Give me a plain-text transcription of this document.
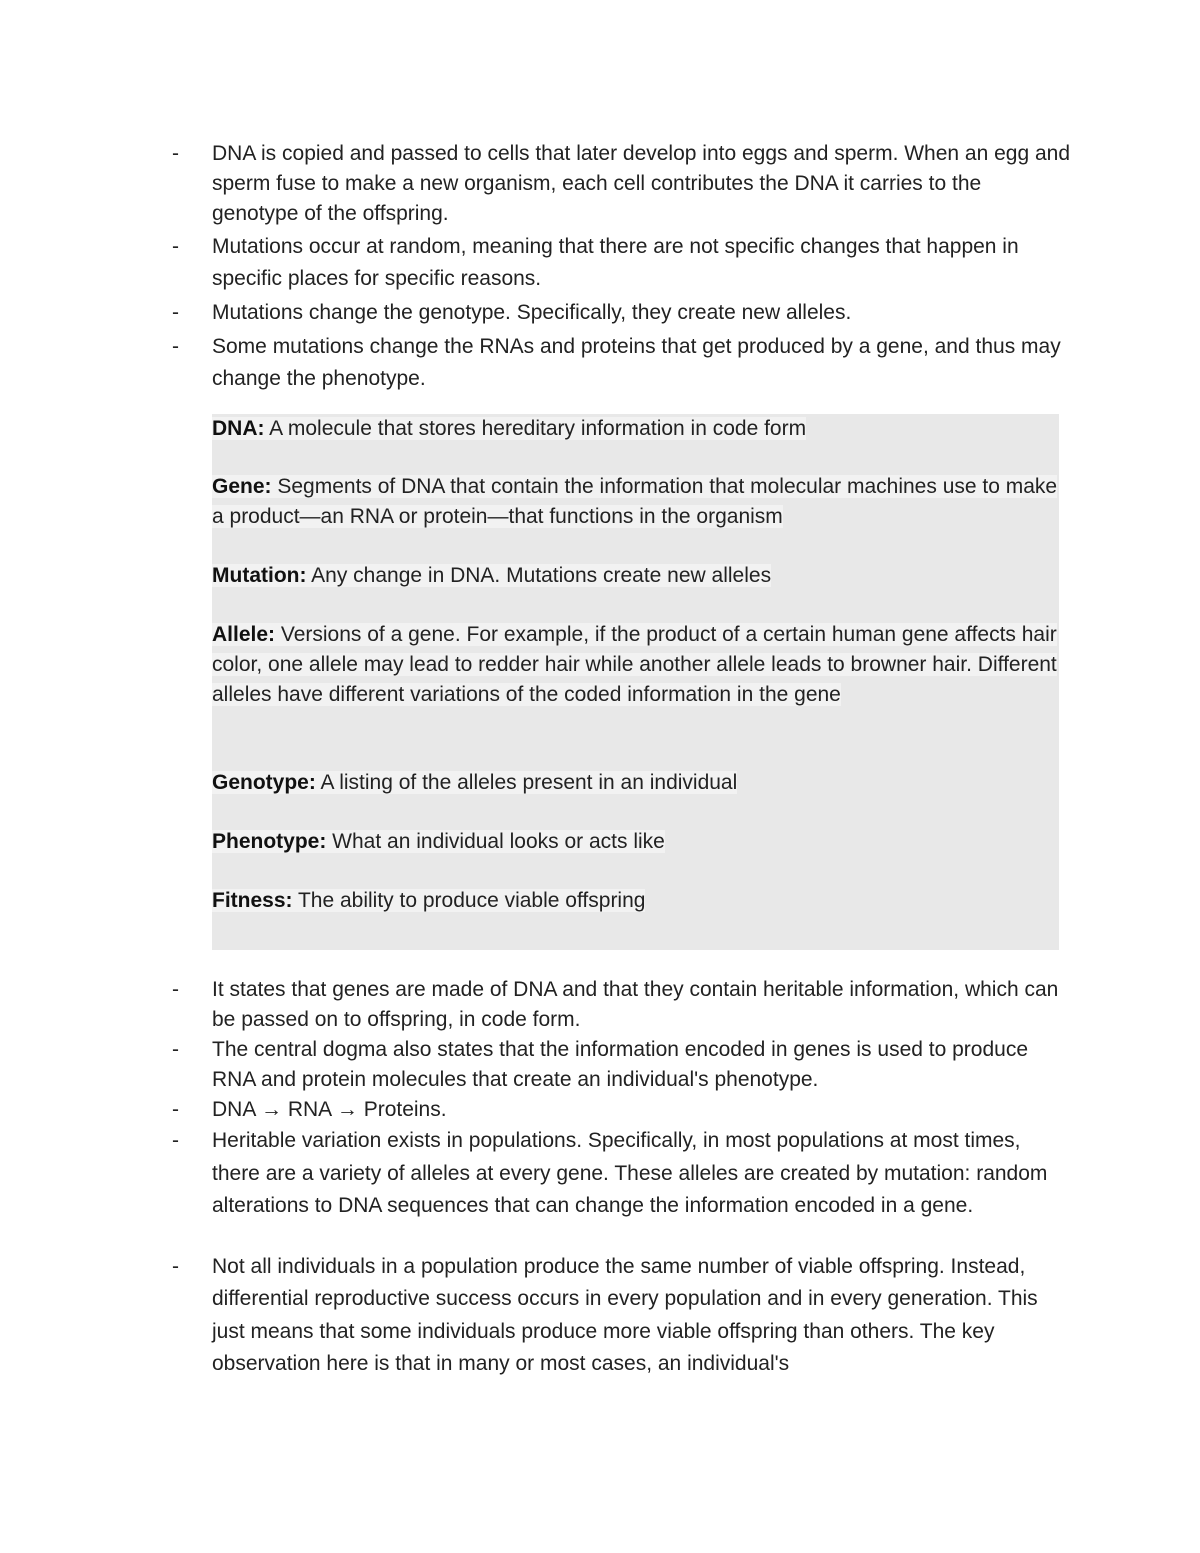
-	DNA is copied and passed to cells that later develop into eggs and sperm. When an egg and sperm fuse to make a new organism, each cell contributes the DNA it carries to the genotype of the offspring.
-	Mutations occur at random, meaning that there are not specific changes that happen in specific places for specific reasons.
-	Mutations change the genotype. Specifically, they create new alleles.
-	Some mutations change the RNAs and proteins that get produced by a gene, and thus may change the phenotype.
DNA: A molecule that stores hereditary information in code form
Gene: Segments of DNA that contain the information that molecular machines use to make a product—an RNA or protein—that functions in the organism
Mutation: Any change in DNA. Mutations create new alleles
Allele: Versions of a gene. For example, if the product of a certain human gene affects hair color, one allele may lead to redder hair while another allele leads to browner hair. Different alleles have different variations of the coded information in the gene
Genotype: A listing of the alleles present in an individual
Phenotype: What an individual looks or acts like
Fitness: The ability to produce viable offspring
-	It states that genes are made of DNA and that they contain heritable information, which can be passed on to offspring, in code form.
-	The central dogma also states that the information encoded in genes is used to produce RNA and protein molecules that create an individual's phenotype.
-	DNA → RNA → Proteins.
-	Heritable variation exists in populations. Specifically, in most populations at most times, there are a variety of alleles at every gene. These alleles are created by mutation: random alterations to DNA sequences that can change the information encoded in a gene.
-	Not all individuals in a population produce the same number of viable offspring. Instead, differential reproductive success occurs in every population and in every generation. This just means that some individuals produce more viable offspring than others. The key observation here is that in many or most cases, an individual's
